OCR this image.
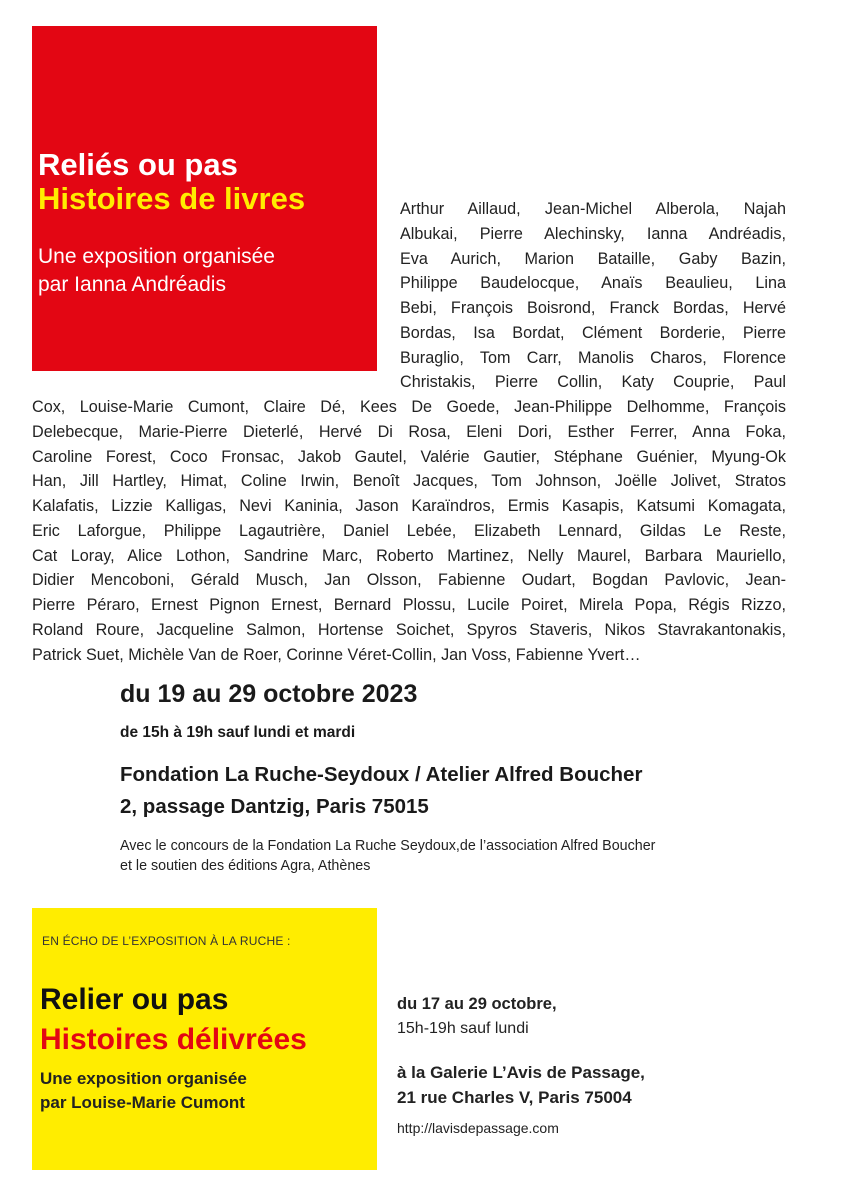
Reliés ou pas
Histoires de livres
Une exposition organisée
par Ianna Andréadis
Arthur Aillaud, Jean-Michel Alberola, Najah
Albukai, Pierre Alechinsky, Ianna Andréadis,
Eva Aurich, Marion Bataille, Gaby Bazin,
Philippe Baudelocque, Anaïs Beaulieu, Lina
Bebi, François Boisrond, Franck Bordas, Hervé
Bordas, Isa Bordat, Clément Borderie, Pierre
Buraglio, Tom Carr, Manolis Charos, Florence
Christakis, Pierre Collin, Katy Couprie, Paul
Cox, Louise-Marie Cumont, Claire Dé, Kees De Goede, Jean-Philippe Delhomme, François
Delebecque, Marie-Pierre Dieterlé, Hervé Di Rosa, Eleni Dori, Esther Ferrer, Anna Foka,
Caroline Forest, Coco Fronsac, Jakob Gautel, Valérie Gautier, Stéphane Guénier, Myung-Ok
Han, Jill Hartley, Himat, Coline Irwin, Benoît Jacques, Tom Johnson, Joëlle Jolivet, Stratos
Kalafatis, Lizzie Kalligas, Nevi Kaninia, Jason Karaïndros, Ermis Kasapis, Katsumi Komagata,
Eric Laforgue, Philippe Lagautrière, Daniel Lebée, Elizabeth Lennard, Gildas Le Reste,
Cat Loray, Alice Lothon, Sandrine Marc, Roberto Martinez, Nelly Maurel, Barbara Mauriello,
Didier Mencoboni, Gérald Musch, Jan Olsson, Fabienne Oudart, Bogdan Pavlovic, Jean-
Pierre Péraro, Ernest Pignon Ernest, Bernard Plossu, Lucile Poiret, Mirela Popa, Régis Rizzo,
Roland Roure, Jacqueline Salmon, Hortense Soichet, Spyros Staveris, Nikos Stavrakantonakis,
Patrick Suet, Michèle Van de Roer, Corinne Véret-Collin, Jan Voss, Fabienne Yvert…
du 19 au 29 octobre 2023
de 15h à 19h sauf lundi et mardi
Fondation La Ruche-Seydoux / Atelier Alfred Boucher
2, passage Dantzig, Paris 75015
Avec le concours de la Fondation La Ruche Seydoux,de l’association Alfred Boucher
et le soutien des éditions Agra, Athènes
EN ÉCHO DE L’EXPOSITION À LA RUCHE :
Relier ou pas
Histoires délivrées
Une exposition organisée
par Louise-Marie Cumont
du 17 au 29 octobre,
15h-19h sauf lundi
à la Galerie L’Avis de Passage,
21 rue Charles V, Paris 75004
http://lavisdepassage.com
